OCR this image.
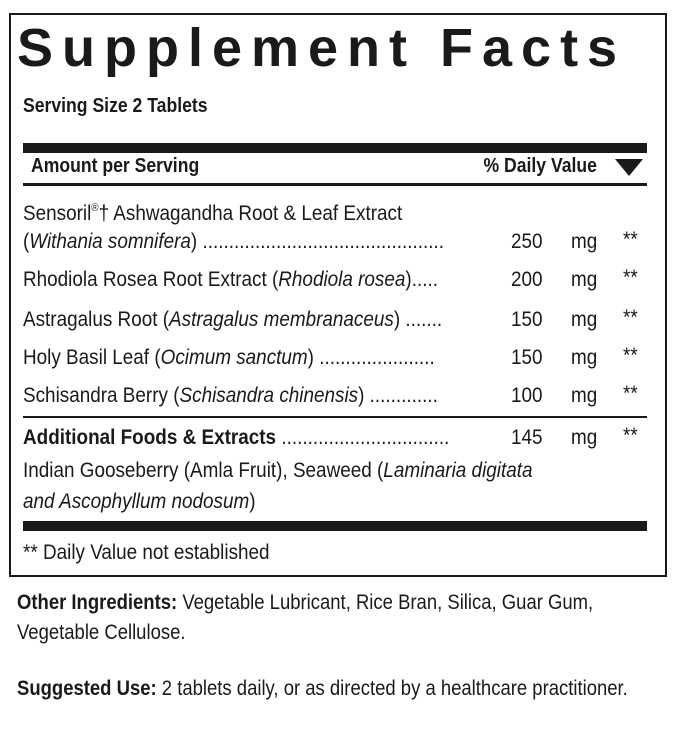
Supplement Facts
Serving Size 2 Tablets
Amount per Serving	% Daily Value
Sensoril®† Ashwagandha Root & Leaf Extract
(Withania somnifera) ..............................................	250 mg **
Rhodiola Rosea Root Extract (Rhodiola rosea).....	200 mg **
Astragalus Root (Astragalus membranaceus) .......	150 mg **
Holy Basil Leaf (Ocimum sanctum) ......................	150 mg **
Schisandra Berry (Schisandra chinensis) .............	100 mg **
Additional Foods & Extracts ................................	145 mg **
Indian Gooseberry (Amla Fruit), Seaweed (Laminaria digitata
and Ascophyllum nodosum)
** Daily Value not established
Other Ingredients: Vegetable Lubricant, Rice Bran, Silica, Guar Gum, Vegetable Cellulose.
Suggested Use: 2 tablets daily, or as directed by a healthcare practitioner.
